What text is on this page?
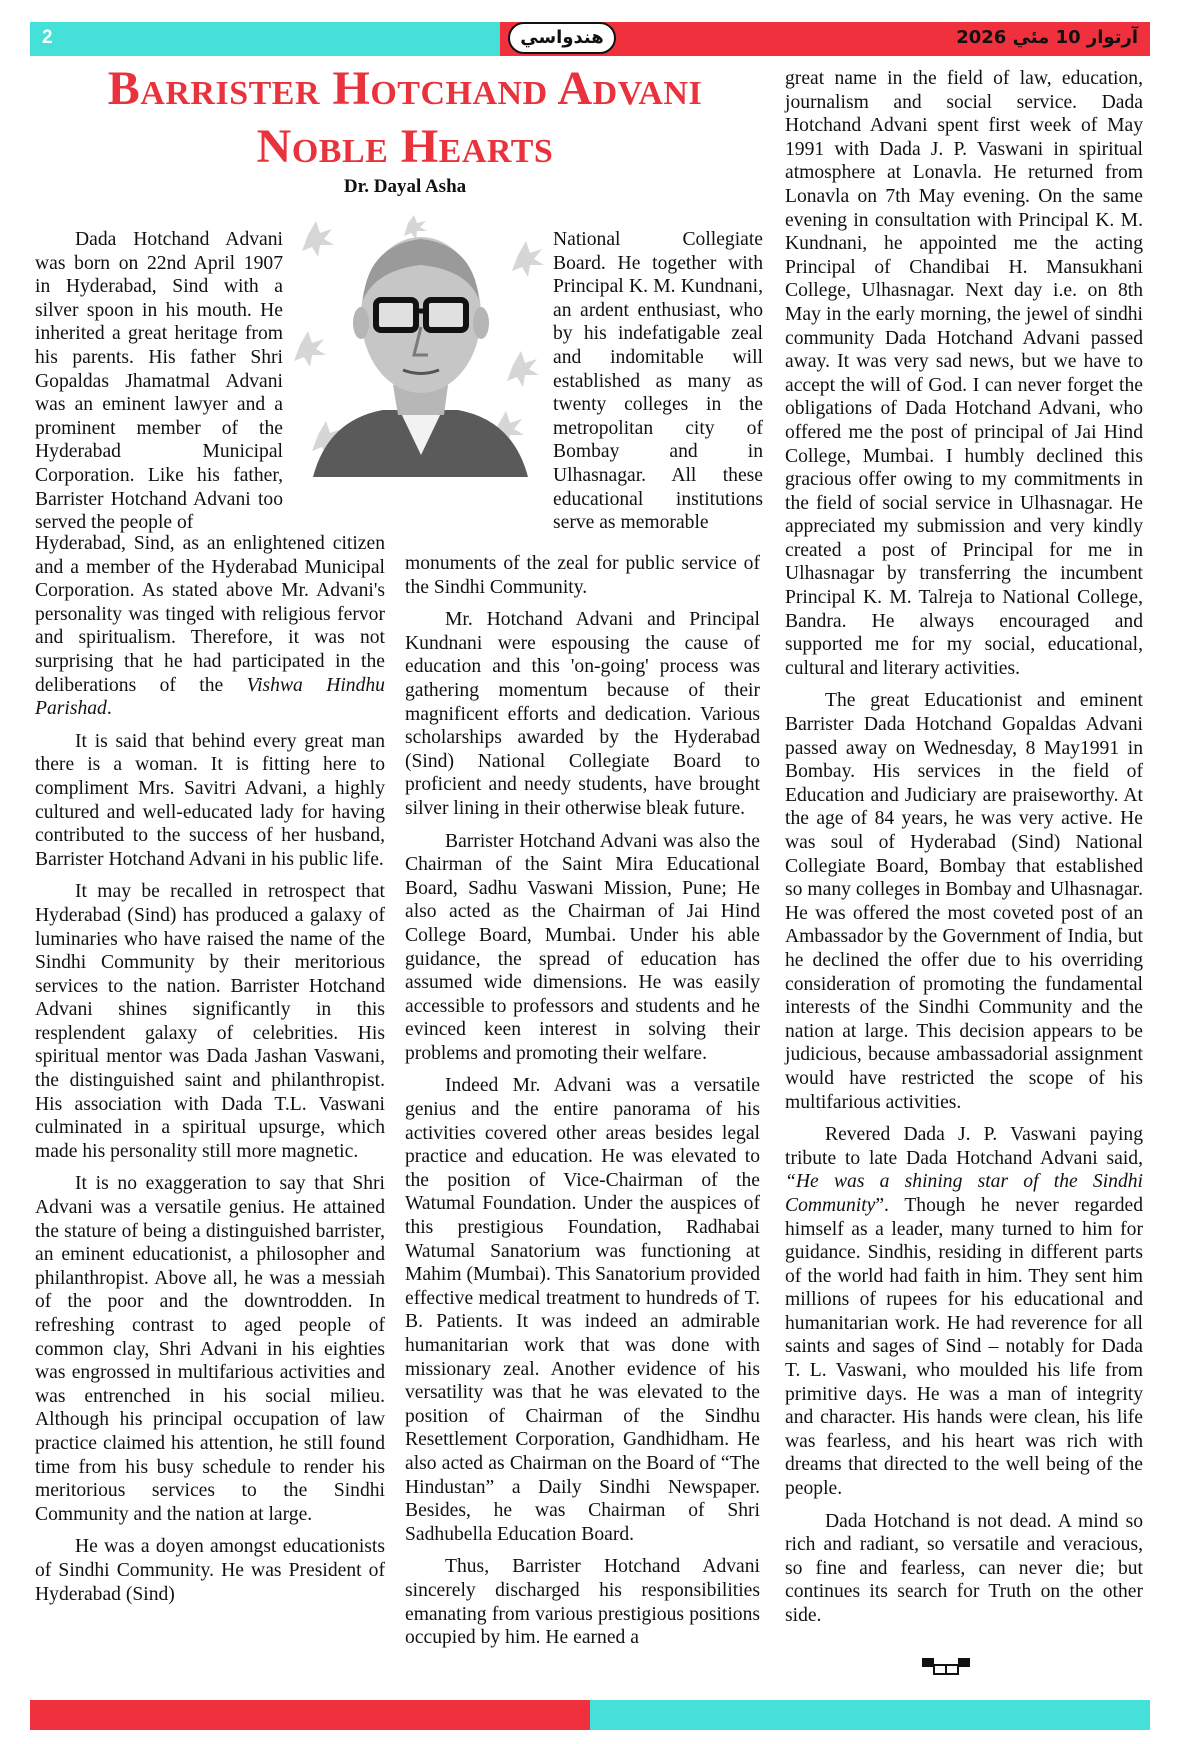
2	هندواسي	آرتوار 10 مئي 2026
Barrister Hotchand Advani
Noble Hearts
Dr. Dayal Asha

Dada Hotchand Advani was born on 22nd April 1907 in Hyderabad, Sind with a silver spoon in his mouth. He inherited a great heritage from his parents. His father Shri Gopaldas Jhamatmal Advani was an eminent lawyer and a prominent member of the Hyderabad Municipal Corporation. Like his father, Barrister Hotchand Advani too served the people of

Hyderabad, Sind, as an enlightened citizen and a member of the Hyderabad Municipal Corporation. As stated above Mr. Advani's personality was tinged with religious fervor and spiritualism. Therefore, it was not surprising that he had participated in the deliberations of the Vishwa Hindhu Parishad.

It is said that behind every great man there is a woman. It is fitting here to compliment Mrs. Savitri Advani, a highly cultured and well-educated lady for having contributed to the success of her husband, Barrister Hotchand Advani in his public life.

It may be recalled in retrospect that Hyderabad (Sind) has produced a galaxy of luminaries who have raised the name of the Sindhi Community by their meritorious services to the nation. Barrister Hotchand Advani shines significantly in this resplendent galaxy of celebrities. His spiritual mentor was Dada Jashan Vaswani, the distinguished saint and philanthropist. His association with Dada T.L. Vaswani culminated in a spiritual upsurge, which made his personality still more magnetic.

It is no exaggeration to say that Shri Advani was a versatile genius. He attained the stature of being a distinguished barrister, an eminent educationist, a philosopher and philanthropist. Above all, he was a messiah of the poor and the downtrodden. In refreshing contrast to aged people of common clay, Shri Advani in his eighties was engrossed in multifarious activities and was entrenched in his social milieu. Although his principal occupation of law practice claimed his attention, he still found time from his busy schedule to render his meritorious services to the Sindhi Community and the nation at large.

He was a doyen amongst educationists of Sindhi Community. He was President of Hyderabad (Sind)

National Collegiate Board. He together with Principal K. M. Kundnani, an ardent enthusiast, who by his indefatigable zeal and indomitable will established as many as twenty colleges in the metropolitan city of Bombay and in Ulhasnagar. All these educational institutions serve as memorable

monuments of the zeal for public service of the Sindhi Community.

Mr. Hotchand Advani and Principal Kundnani were espousing the cause of education and this 'on-going' process was gathering momentum because of their magnificent efforts and dedication. Various scholarships awarded by the Hyderabad (Sind) National Collegiate Board to proficient and needy students, have brought silver lining in their otherwise bleak future.

Barrister Hotchand Advani was also the Chairman of the Saint Mira Educational Board, Sadhu Vaswani Mission, Pune; He also acted as the Chairman of Jai Hind College Board, Mumbai. Under his able guidance, the spread of education has assumed wide dimensions. He was easily accessible to professors and students and he evinced keen interest in solving their problems and promoting their welfare.

Indeed Mr. Advani was a versatile genius and the entire panorama of his activities covered other areas besides legal practice and education. He was elevated to the position of Vice-Chairman of the Watumal Foundation. Under the auspices of this prestigious Foundation, Radhabai Watumal Sanatorium was functioning at Mahim (Mumbai). This Sanatorium provided effective medical treatment to hundreds of T. B. Patients. It was indeed an admirable humanitarian work that was done with missionary zeal. Another evidence of his versatility was that he was elevated to the position of Chairman of the Sindhu Resettlement Corporation, Gandhidham. He also acted as Chairman on the Board of “The Hindustan” a Daily Sindhi Newspaper. Besides, he was Chairman of Shri Sadhubella Education Board.

Thus, Barrister Hotchand Advani sincerely discharged his responsibilities emanating from various prestigious positions occupied by him. He earned a

great name in the field of law, education, journalism and social service. Dada Hotchand Advani spent first week of May 1991 with Dada J. P. Vaswani in spiritual atmosphere at Lonavla. He returned from Lonavla on 7th May evening. On the same evening in consultation with Principal K. M. Kundnani, he appointed me the acting Principal of Chandibai H. Mansukhani College, Ulhasnagar. Next day i.e. on 8th May in the early morning, the jewel of sindhi community Dada Hotchand Advani passed away. It was very sad news, but we have to accept the will of God. I can never forget the obligations of Dada Hotchand Advani, who offered me the post of principal of Jai Hind College, Mumbai. I humbly declined this gracious offer owing to my commitments in the field of social service in Ulhasnagar. He appreciated my submission and very kindly created a post of Principal for me in Ulhasnagar by transferring the incumbent Principal K. M. Talreja to National College, Bandra. He always encouraged and supported me for my social, educational, cultural and literary activities.

The great Educationist and eminent Barrister Dada Hotchand Gopaldas Advani passed away on Wednesday, 8 May1991 in Bombay. His services in the field of Education and Judiciary are praiseworthy. At the age of 84 years, he was very active. He was soul of Hyderabad (Sind) National Collegiate Board, Bombay that established so many colleges in Bombay and Ulhasnagar. He was offered the most coveted post of an Ambassador by the Government of India, but he declined the offer due to his overriding consideration of promoting the fundamental interests of the Sindhi Community and the nation at large. This decision appears to be judicious, because ambassadorial assignment would have restricted the scope of his multifarious activities.

Revered Dada J. P. Vaswani paying tribute to late Dada Hotchand Advani said, “He was a shining star of the Sindhi Community”. Though he never regarded himself as a leader, many turned to him for guidance. Sindhis, residing in different parts of the world had faith in him. They sent him millions of rupees for his educational and humanitarian work. He had reverence for all saints and sages of Sind – notably for Dada T. L. Vaswani, who moulded his life from primitive days. He was a man of integrity and character. His hands were clean, his life was fearless, and his heart was rich with dreams that directed to the well being of the people.

Dada Hotchand is not dead. A mind so rich and radiant, so versatile and veracious, so fine and fearless, can never die; but continues its search for Truth on the other side.
